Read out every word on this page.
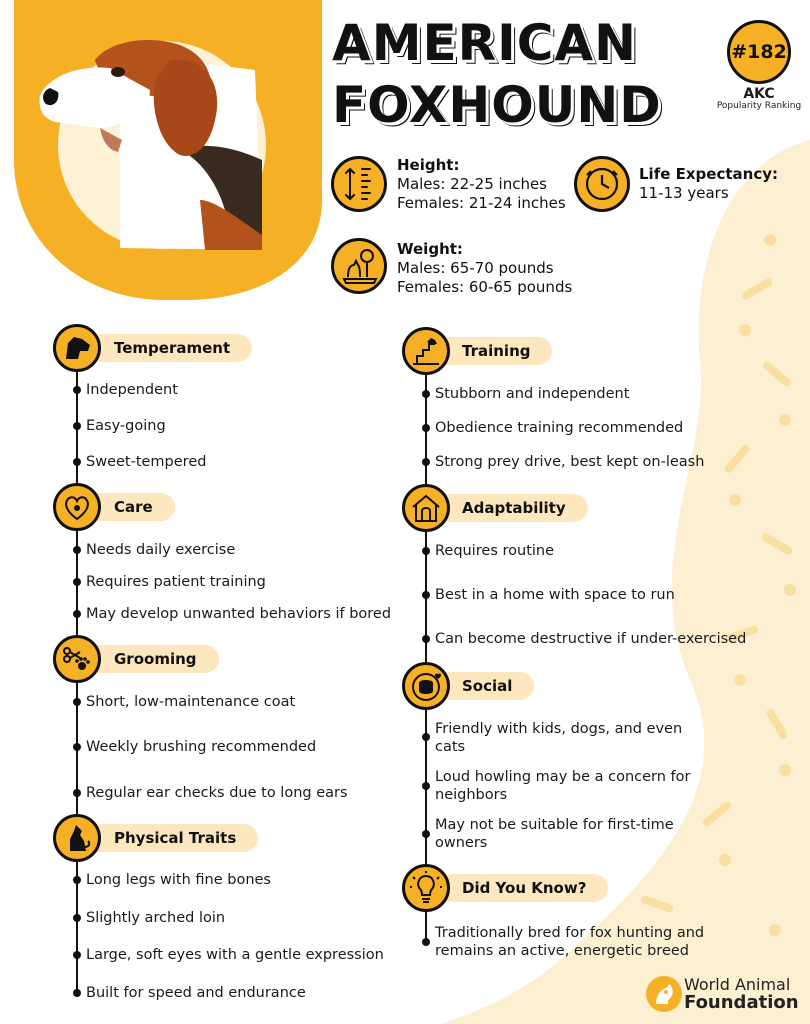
AMERICAN
FOXHOUND
#182
AKC
Popularity Ranking
Height:
Males: 22-25 inches
Females: 21-24 inches
Life Expectancy:
11-13 years
Weight:
Males: 65-70 pounds
Females: 60-65 pounds
Temperament
Independent
Easy-going
Sweet-tempered
Care
Needs daily exercise
Requires patient training
May develop unwanted behaviors if bored
Grooming
Short, low-maintenance coat
Weekly brushing recommended
Regular ear checks due to long ears
Physical Traits
Long legs with fine bones
Slightly arched loin
Large, soft eyes with a gentle expression
Built for speed and endurance
Training
Stubborn and independent
Obedience training recommended
Strong prey drive, best kept on-leash
Adaptability
Requires routine
Best in a home with space to run
Can become destructive if under-exercised
Social
Friendly with kids, dogs, and even cats
Loud howling may be a concern for neighbors
May not be suitable for first-time owners
Did You Know?
Traditionally bred for fox hunting and remains an active, energetic breed
World Animal
Foundation
